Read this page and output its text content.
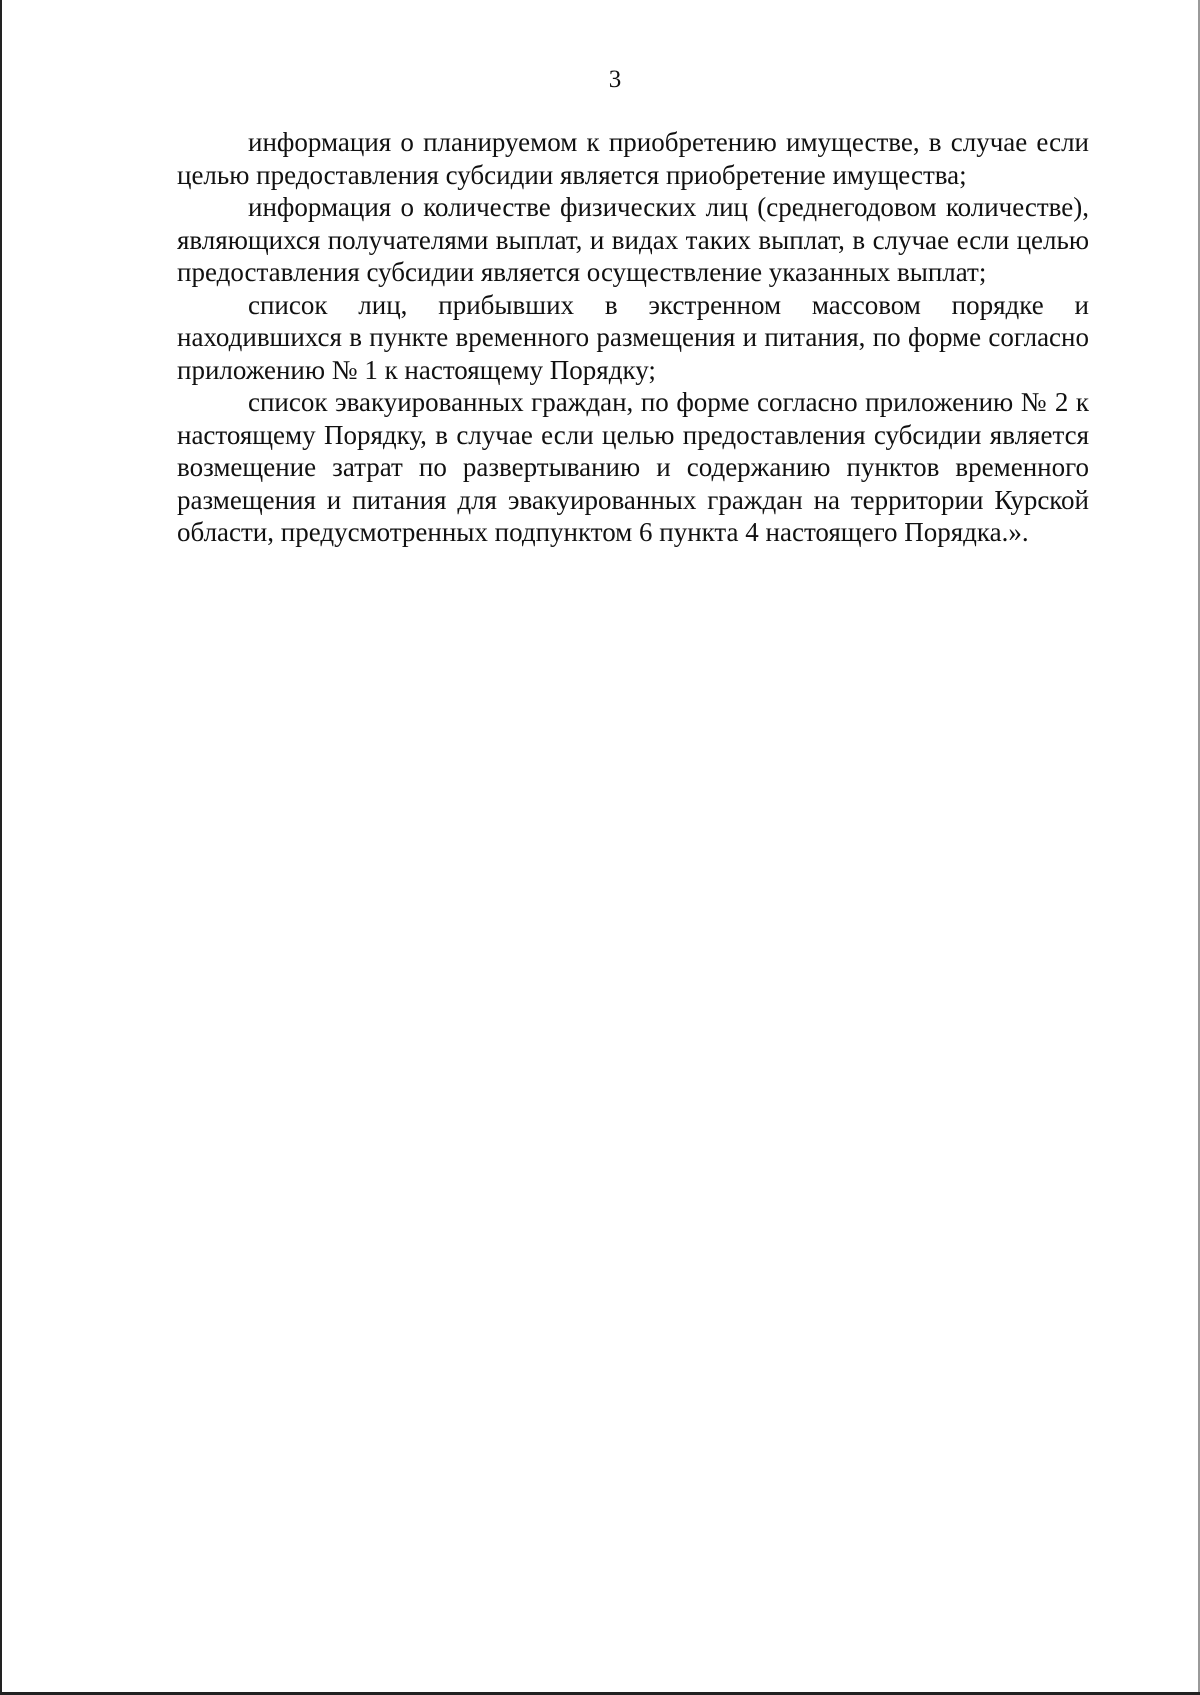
3

информация о планируемом к приобретению имуществе, в случае если целью предоставления субсидии является приобретение имущества;

информация о количестве физических лиц (среднегодовом количестве), являющихся получателями выплат, и видах таких выплат, в случае если целью предоставления субсидии является осуществление указанных выплат;

список лиц, прибывших в экстренном массовом порядке и находившихся в пункте временного размещения и питания, по форме согласно приложению № 1 к настоящему Порядку;

список эвакуированных граждан, по форме согласно приложению № 2 к настоящему Порядку, в случае если целью предоставления субсидии является возмещение затрат по развертыванию и содержанию пунктов временного размещения и питания для эвакуированных граждан на территории Курской области, предусмотренных подпунктом 6 пункта 4 настоящего Порядка.».
